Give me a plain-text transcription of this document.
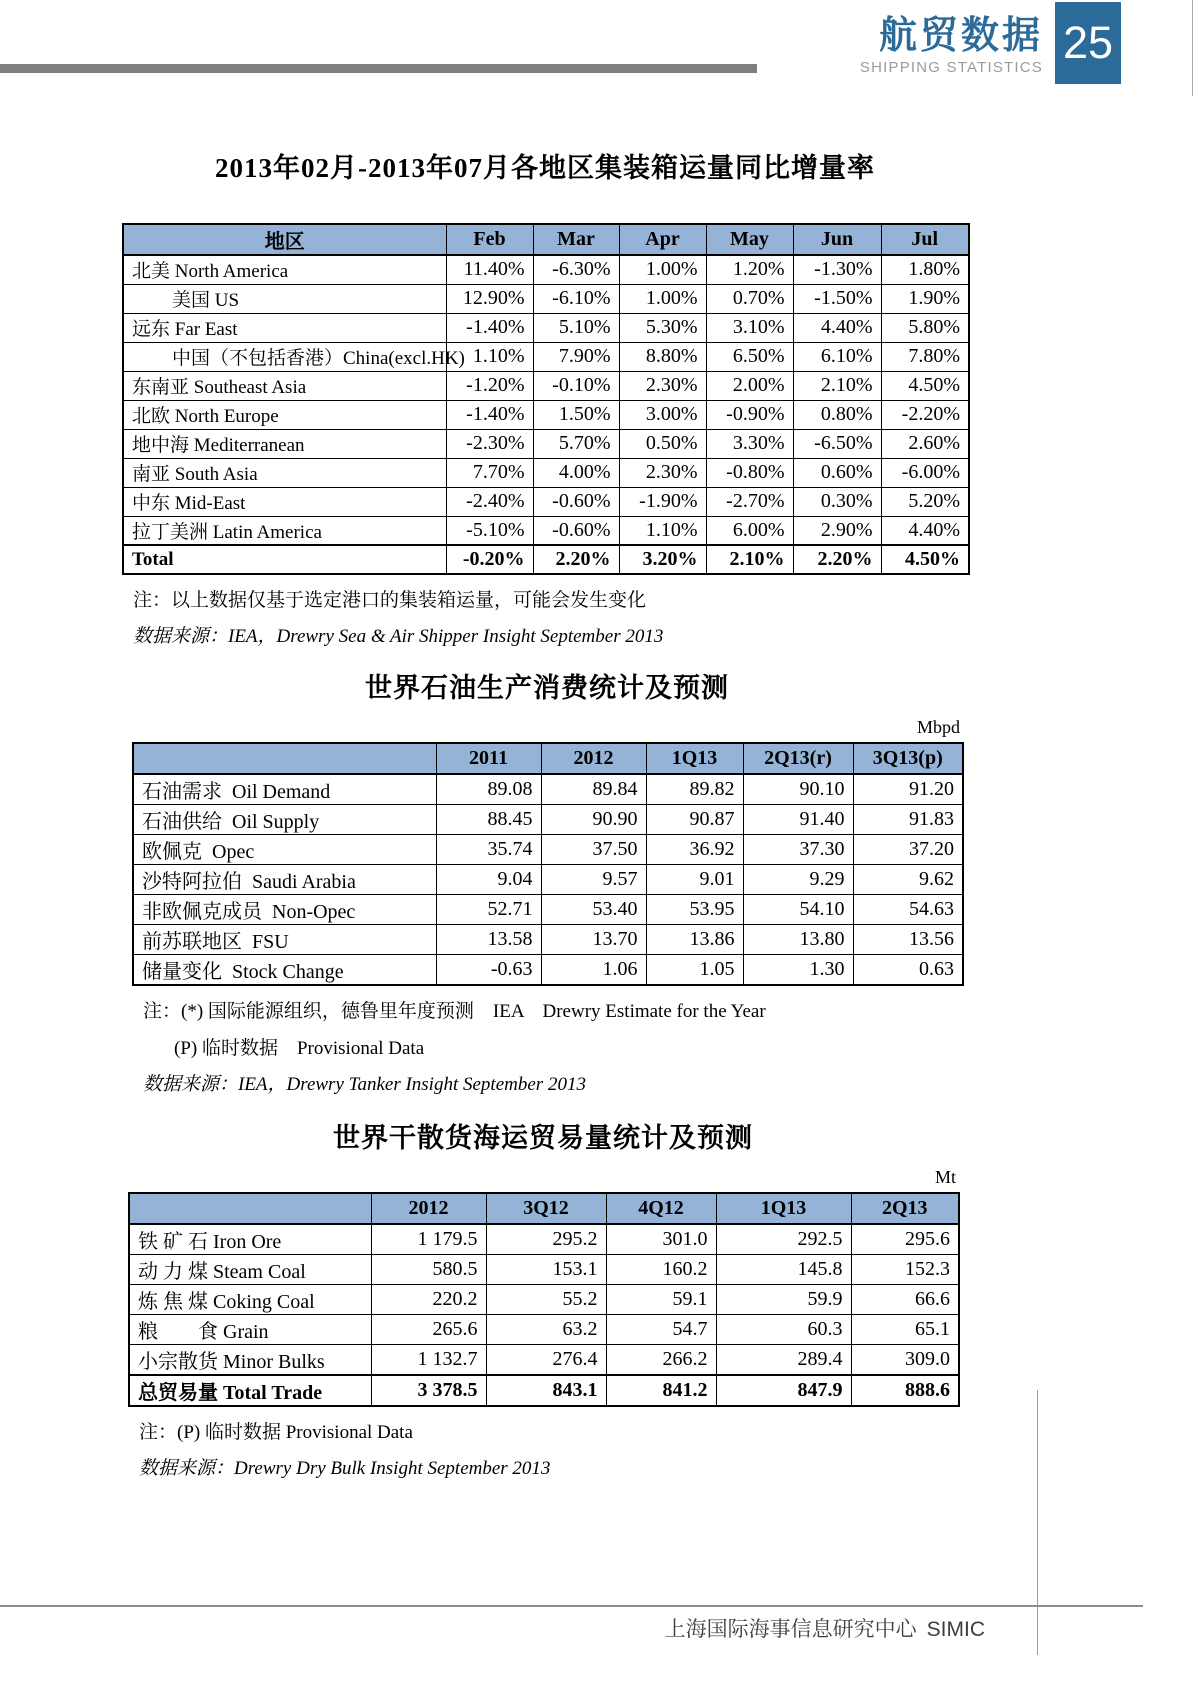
航贸数据
SHIPPING STATISTICS 25
2013年02月-2013年07月各地区集装箱运量同比增量率
地区	Feb	Mar	Apr	May	Jun	Jul
北美 North America	11.40%	-6.30%	1.00%	1.20%	-1.30%	1.80%
美国 US	12.90%	-6.10%	1.00%	0.70%	-1.50%	1.90%
远东 Far East	-1.40%	5.10%	5.30%	3.10%	4.40%	5.80%
中国（不包括香港）China(excl.HK)	1.10%	7.90%	8.80%	6.50%	6.10%	7.80%
东南亚 Southeast Asia	-1.20%	-0.10%	2.30%	2.00%	2.10%	4.50%
北欧 North Europe	-1.40%	1.50%	3.00%	-0.90%	0.80%	-2.20%
地中海 Mediterranean	-2.30%	5.70%	0.50%	3.30%	-6.50%	2.60%
南亚 South Asia	7.70%	4.00%	2.30%	-0.80%	0.60%	-6.00%
中东 Mid-East	-2.40%	-0.60%	-1.90%	-2.70%	0.30%	5.20%
拉丁美洲 Latin America	-5.10%	-0.60%	1.10%	6.00%	2.90%	4.40%
Total	-0.20%	2.20%	3.20%	2.10%	2.20%	4.50%

注：以上数据仅基于选定港口的集装箱运量，可能会发生变化

数据来源：IEA，Drewry Sea & Air Shipper Insight September 2013

世界石油生产消费统计及预测
Mbpd
	2011	2012	1Q13	2Q13(r)	3Q13(p)
石油需求  Oil Demand	89.08	89.84	89.82	90.10	91.20
石油供给  Oil Supply	88.45	90.90	90.87	91.40	91.83
欧佩克  Opec	35.74	37.50	36.92	37.30	37.20
沙特阿拉伯  Saudi Arabia	9.04	9.57	9.01	9.29	9.62
非欧佩克成员  Non-Opec	52.71	53.40	53.95	54.10	54.63
前苏联地区  FSU	13.58	13.70	13.86	13.80	13.56
储量变化  Stock Change	-0.63	1.06	1.05	1.30	0.63

注：(*) 国际能源组织，德鲁里年度预测    IEA    Drewry Estimate for the Year

(P) 临时数据    Provisional Data

数据来源：IEA，Drewry Tanker Insight September 2013

世界干散货海运贸易量统计及预测
Mt
	2012	3Q12	4Q12	1Q13	2Q13
铁 矿 石 Iron Ore	1 179.5	295.2	301.0	292.5	295.6
动 力 煤 Steam Coal	580.5	153.1	160.2	145.8	152.3
炼 焦 煤 Coking Coal	220.2	55.2	59.1	59.9	66.6
粮　　食 Grain	265.6	63.2	54.7	60.3	65.1
小宗散货 Minor Bulks	1 132.7	276.4	266.2	289.4	309.0
总贸易量 Total Trade	3 378.5	843.1	841.2	847.9	888.6

注：(P) 临时数据 Provisional Data

数据来源：Drewry Dry Bulk Insight September 2013

上海国际海事信息研究中心 SIMIC
